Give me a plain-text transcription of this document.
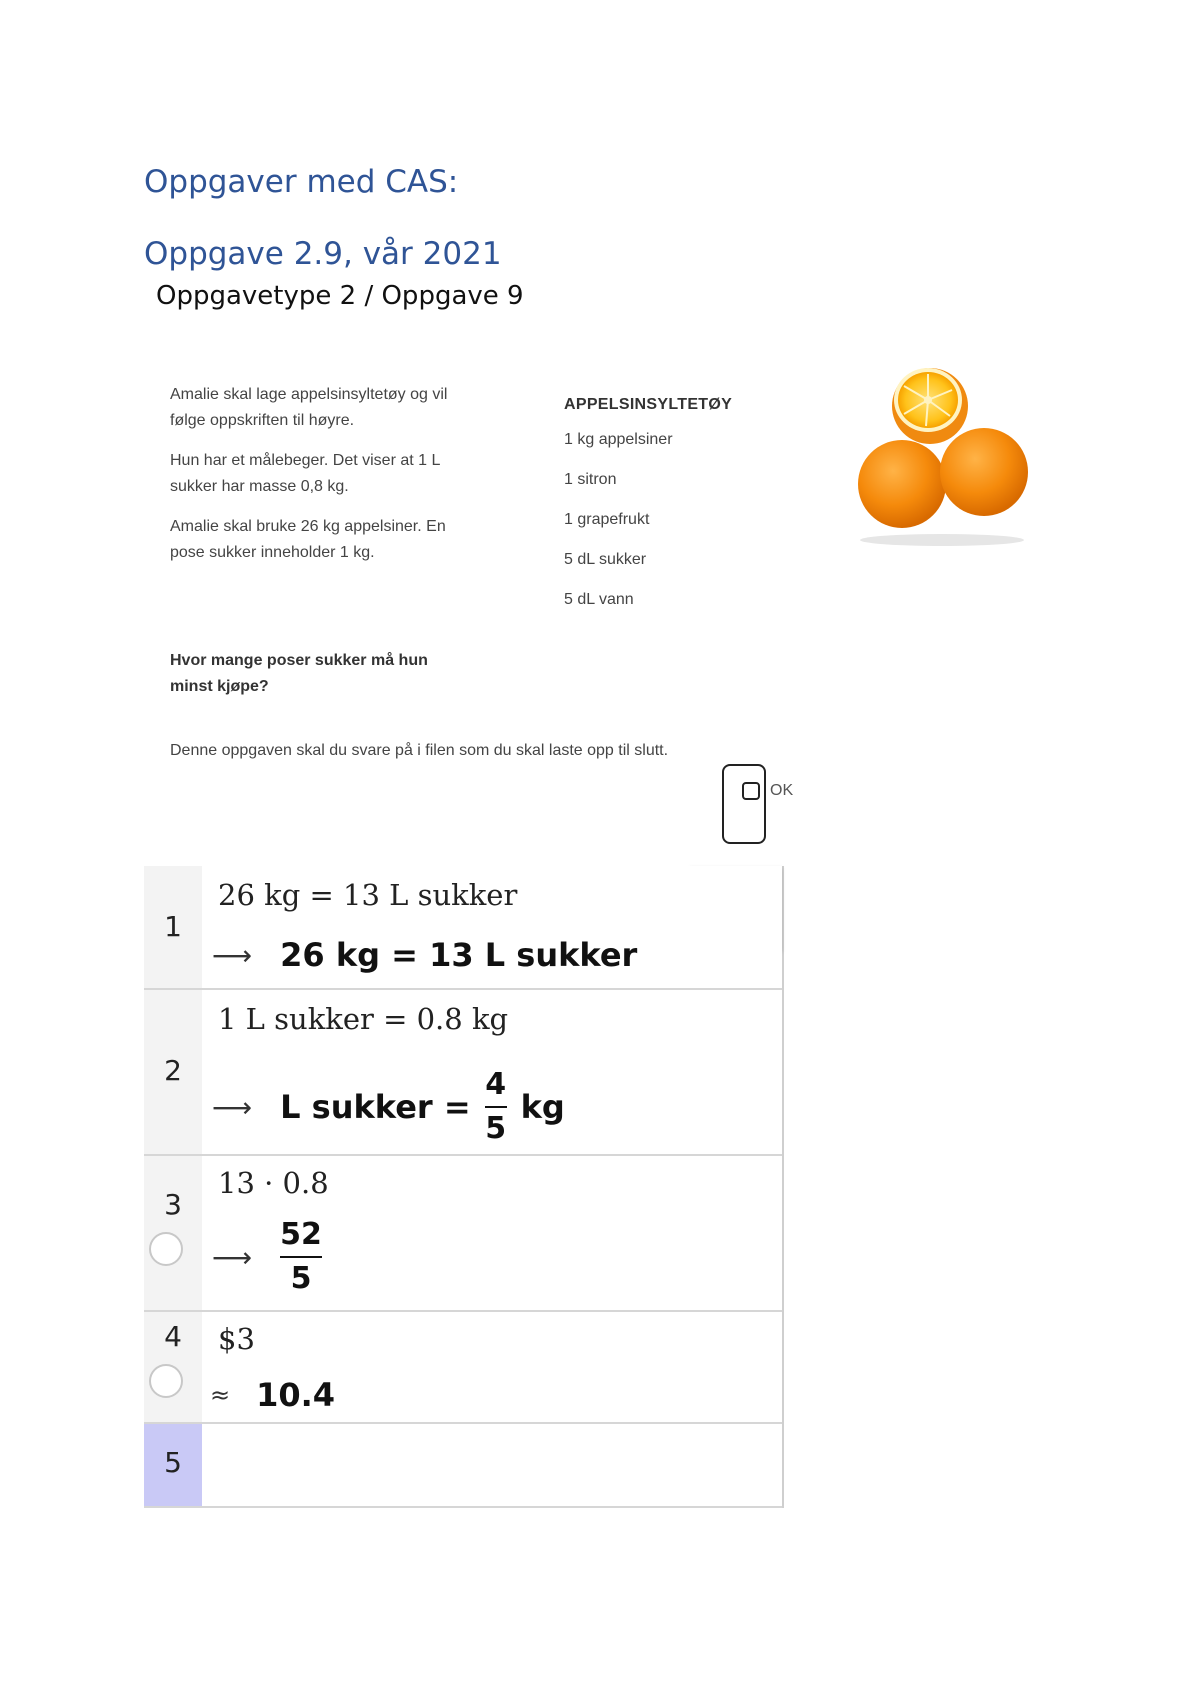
Oppgaver med CAS:
Oppgave 2.9, vår 2021
Oppgavetype 2 / Oppgave 9
Amalie skal lage appelsinsyltetøy og vil følge oppskriften til høyre.
Hun har et målebeger. Det viser at 1 L sukker har masse 0,8 kg.
Amalie skal bruke 26 kg appelsiner. En pose sukker inneholder 1 kg.
APPELSINSYLTETØY
1 kg appelsiner
1 sitron
1 grapefrukt
5 dL sukker
5 dL vann
Hvor mange poser sukker må hun minst kjøpe?
Denne oppgaven skal du svare på i filen som du skal laste opp til slutt.
OK
1
26 kg = 13 L sukker
⟶ 26 kg = 13 L sukker
2
1 L sukker = 0.8 kg
⟶ L sukker = $\frac{4}{5}$ kg
3
13 · 0.8
⟶ $\frac{52}{5}$
4	$3
≈ 10.4
5
